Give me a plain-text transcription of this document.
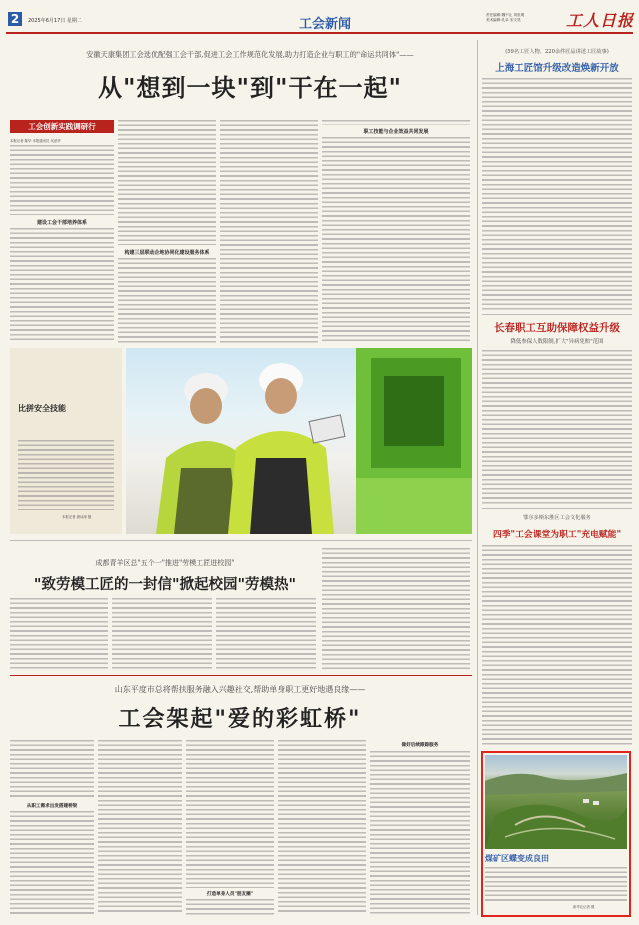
2	2025年6月17日 星期二	工会新闻
责任编辑:魏不让 刘世明
美术编辑:孔卓 宋文昊	工人日报
安徽天康集团工会选优配强工会干部,促进工会工作规范化发展,助力打造企业与职工的"命运共同体"——
从"想到一块"到"干在一起"
工会创新实践调研行
本报记者 陈华 本报通讯员 吴爱华
建设工会干部培养体系
构建三层联动企地协同化建设服务体系
职工技能与企业效益共同发展
比拼安全技能
本报记者 唐诗涛 摄
成都青羊区总"五个一"推进"劳模工匠进校园"
"致劳模工匠的一封信"掀起校园"劳模热"
山东平度市总将帮扶服务融入兴趣社交,帮助单身职工更好地遇良缘——
工会架起"爱的彩虹桥"
从职工需求出发搭建桥梁
打造单身人员"朋友圈"
做好后续跟踪服务
(59名工匠人物、220余件匠品讲述工匠故事)
上海工匠馆升级改造焕新开放
长春职工互助保障权益升级
降低参保人数限制,扩大"异病免赔"范围
鄂尔多斯东胜区工会文化服务
四季"工会课堂为职工"充电赋能"
煤矿区蝶变成良田
新华社记者 摄
